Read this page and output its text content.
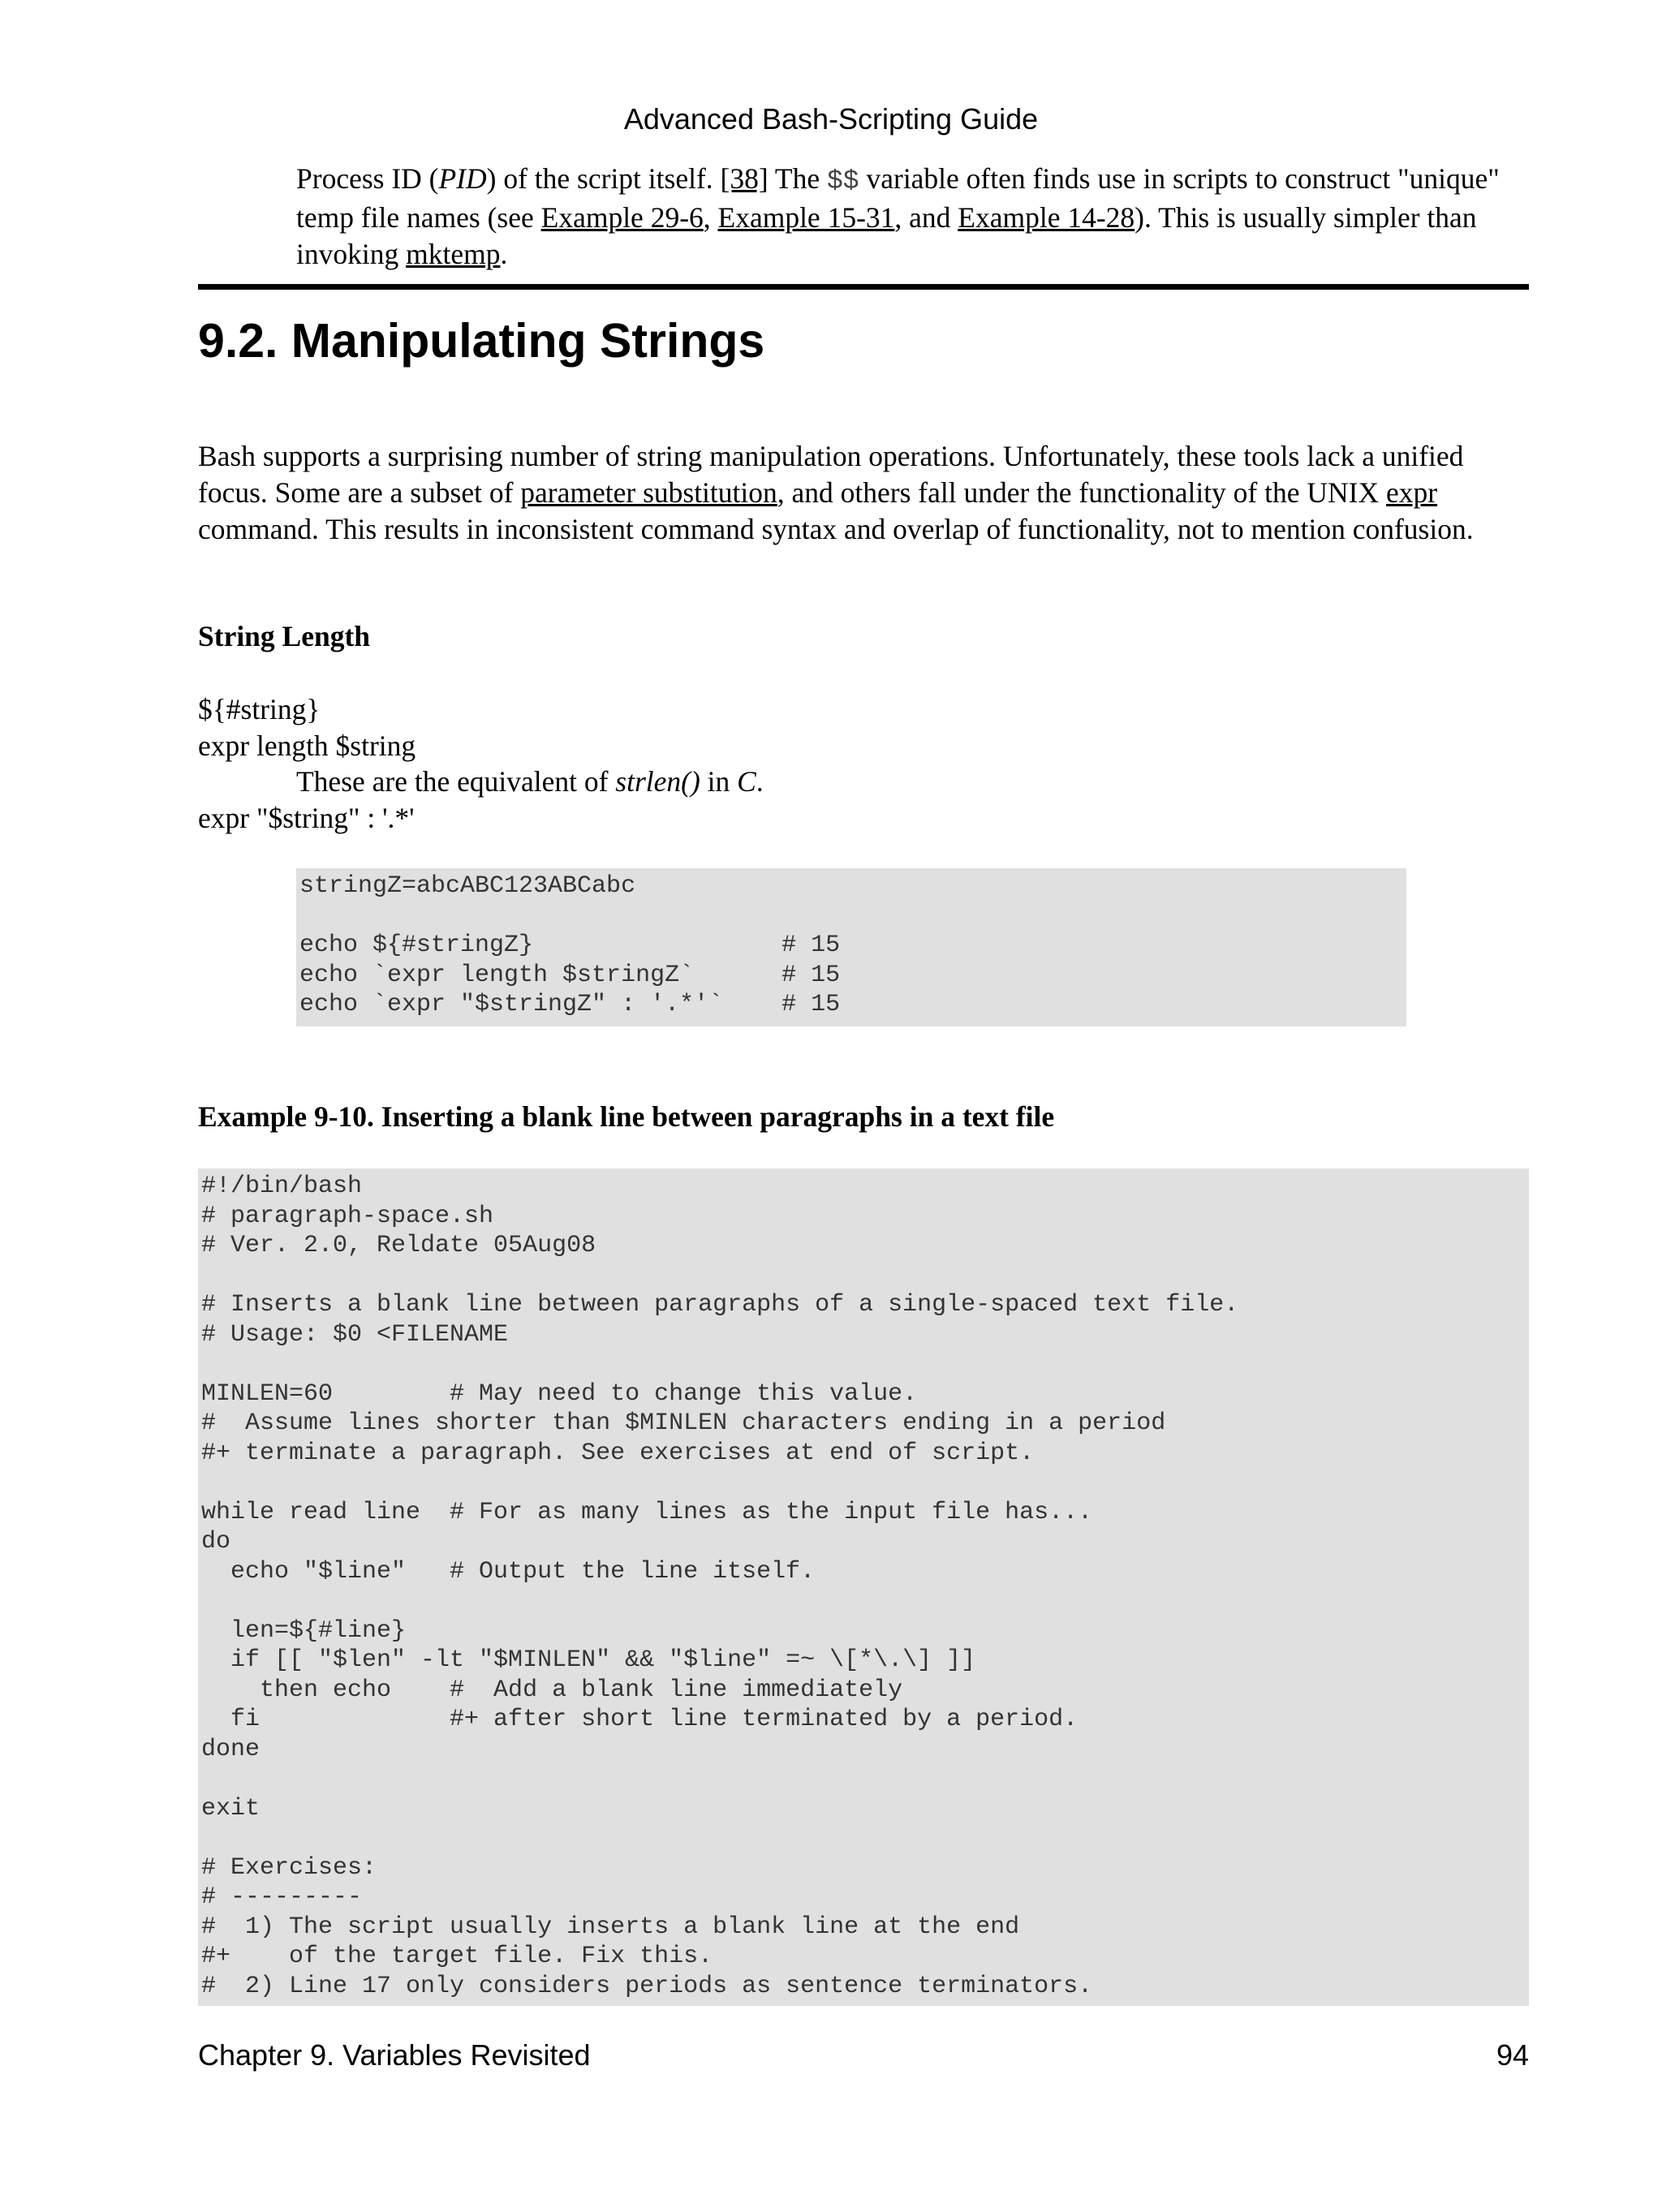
Advanced Bash-Scripting Guide

Process ID (PID) of the script itself. [38] The $$ variable often finds use in scripts to construct "unique" temp file names (see Example 29-6, Example 15-31, and Example 14-28). This is usually simpler than invoking mktemp.

9.2. Manipulating Strings

Bash supports a surprising number of string manipulation operations. Unfortunately, these tools lack a unified focus. Some are a subset of parameter substitution, and others fall under the functionality of the UNIX expr command. This results in inconsistent command syntax and overlap of functionality, not to mention confusion.

String Length
${#string}
expr length $string
These are the equivalent of strlen() in C.
expr "$string" : '.*'
stringZ=abcABC123ABCabc

echo ${#stringZ}                 # 15
echo `expr length $stringZ`      # 15
echo `expr "$stringZ" : '.*'`    # 15
Example 9-10. Inserting a blank line between paragraphs in a text file
#!/bin/bash
# paragraph-space.sh
# Ver. 2.0, Reldate 05Aug08

# Inserts a blank line between paragraphs of a single-spaced text file.
# Usage: $0 <FILENAME

MINLEN=60        # May need to change this value.
#  Assume lines shorter than $MINLEN characters ending in a period
#+ terminate a paragraph. See exercises at end of script.

while read line  # For as many lines as the input file has...
do
echo "$line"   # Output the line itself.

len=${#line}
if [[ "$len" -lt "$MINLEN" && "$line" =~ \[*\.\] ]]
then echo    #  Add a blank line immediately
fi             #+ after short line terminated by a period.
done

exit

# Exercises:
# ---------
#  1) The script usually inserts a blank line at the end
#+    of the target file. Fix this.
#  2) Line 17 only considers periods as sentence terminators.
Chapter 9. Variables Revisited	94
